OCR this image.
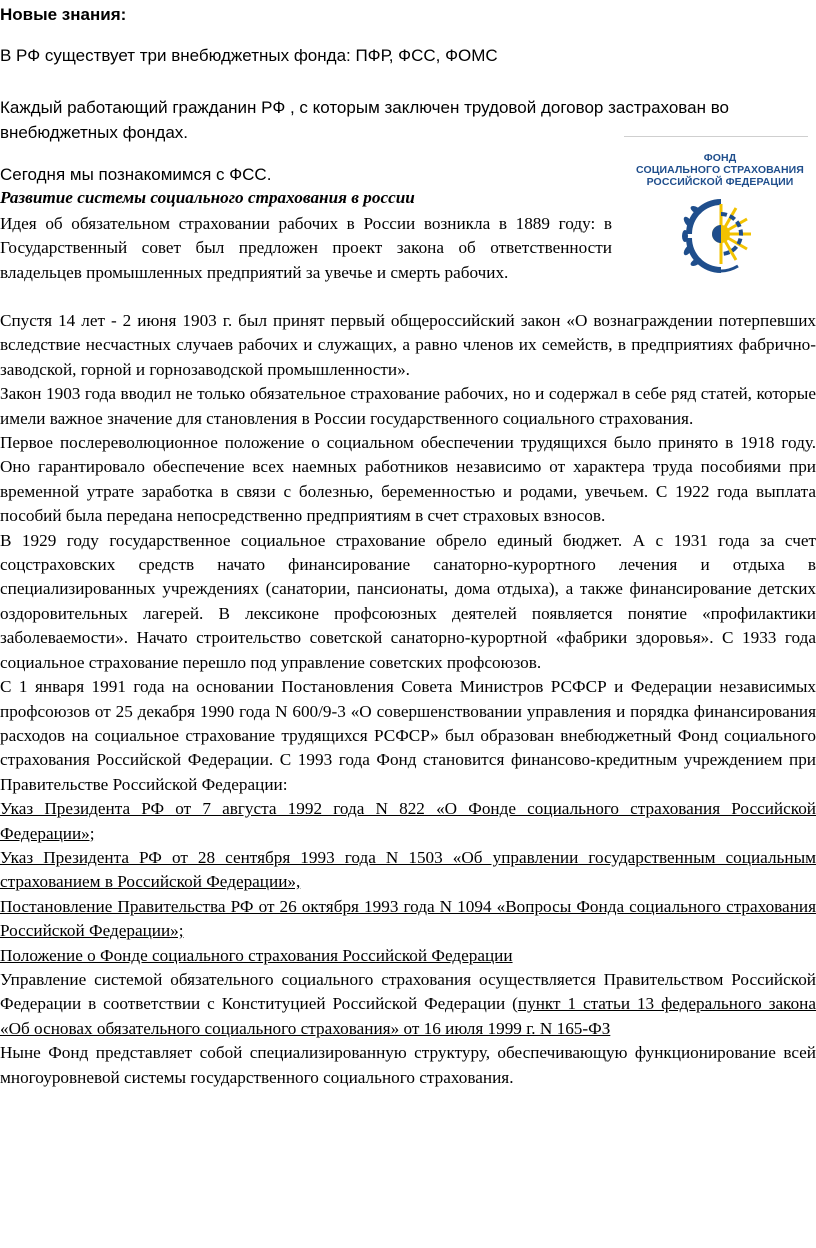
Новые знания:
В РФ существует три внебюджетных фонда: ПФР, ФСС, ФОМС
Каждый работающий гражданин РФ , с которым заключен трудовой договор застрахован во внебюджетных фондах.
Сегодня мы познакомимся с ФСС.
ФОНД
СОЦИАЛЬНОГО СТРАХОВАНИЯ
РОССИЙСКОЙ ФЕДЕРАЦИИ
Развитие системы социального страхования в россии
Идея об обязательном страховании рабочих в России возникла в 1889 году: в Государственный совет был предложен проект закона об ответственности владельцев промышленных предприятий за увечье и смерть рабочих.
Спустя 14 лет - 2 июня 1903 г. был принят первый общероссийский закон «О вознаграждении потерпевших вследствие несчастных случаев рабочих и служащих, а равно членов их семейств, в предприятиях фабрично-заводской, горной и горнозаводской промышленности».
Закон 1903 года вводил не только обязательное страхование рабочих, но и содержал в себе ряд статей, которые имели важное значение для становления в России государственного социального страхования.
Первое послереволюционное положение о социальном обеспечении трудящихся было принято в 1918 году. Оно гарантировало обеспечение всех наемных работников независимо от характера труда пособиями при временной утрате заработка в связи с болезнью, беременностью и родами, увечьем. С 1922 года выплата пособий была передана непосредственно предприятиям в счет страховых взносов.
В 1929 году государственное социальное страхование обрело единый бюджет. А с 1931 года за счет соцстраховских средств начато финансирование санаторно-курортного лечения и отдыха в специализированных учреждениях (санатории, пансионаты, дома отдыха), а также финансирование детских оздоровительных лагерей. В лексиконе профсоюзных деятелей появляется понятие «профилактики заболеваемости». Начато строительство советской санаторно-курортной «фабрики здоровья». С 1933 года социальное страхование перешло под управление советских профсоюзов.
С 1 января 1991 года на основании Постановления Совета Министров РСФСР и Федерации независимых профсоюзов от 25 декабря 1990 года N 600/9-3 «О совершенствовании управления и порядка финансирования расходов на социальное страхование трудящихся РСФСР» был образован внебюджетный Фонд социального страхования Российской Федерации. С 1993 года Фонд становится финансово-кредитным учреждением при Правительстве Российской Федерации:
Указ Президента РФ от 7 августа 1992 года N 822 «О Фонде социального страхования Российской Федерации»;
Указ Президента РФ от 28 сентября 1993 года N 1503 «Об управлении государственным социальным страхованием в Российской Федерации»,
Постановление Правительства РФ от 26 октября 1993 года N 1094 «Вопросы Фонда социального страхования Российской Федерации»;
Положение о Фонде социального страхования Российской Федерации
Управление системой обязательного социального страхования осуществляется Правительством Российской Федерации в соответствии с Конституцией Российской Федерации (пункт 1 статьи 13 федерального закона «Об основах обязательного социального страхования» от 16 июля 1999 г. N 165-ФЗ
Ныне Фонд представляет собой специализированную структуру, обеспечивающую функционирование всей многоуровневой системы государственного социального страхования.
